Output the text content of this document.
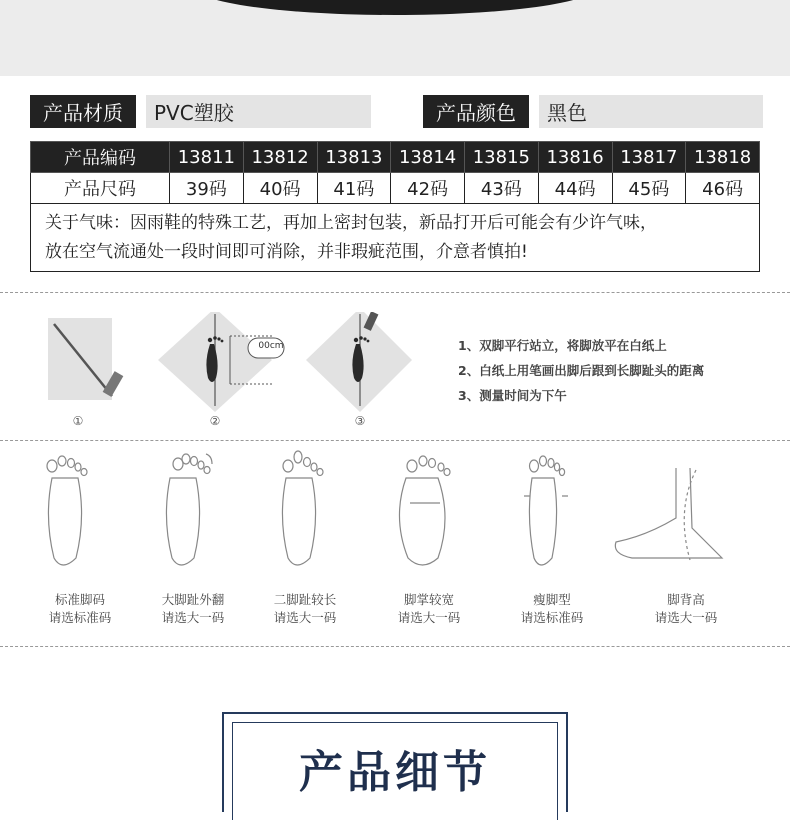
产品材质	PVC塑胶	产品颜色	黑色
产品编码	13811	13812	13813	13814	13815	13816	13817	13818
产品尺码	39码	40码	41码	42码	43码	44码	45码	46码
关于气味：因雨鞋的特殊工艺，再加上密封包装，新品打开后可能会有少许气味，
放在空气流通处一段时间即可消除，并非瑕疵范围，介意者慎拍!
00cm
①	②	③
1、双脚平行站立，将脚放平在白纸上
2、白纸上用笔画出脚后跟到长脚趾头的距离
3、测量时间为下午
标准脚码
请选标准码
大脚趾外翻
请选大一码
二脚趾较长
请选大一码
脚掌较宽
请选大一码
瘦脚型
请选标准码
脚背高
请选大一码
产品细节
